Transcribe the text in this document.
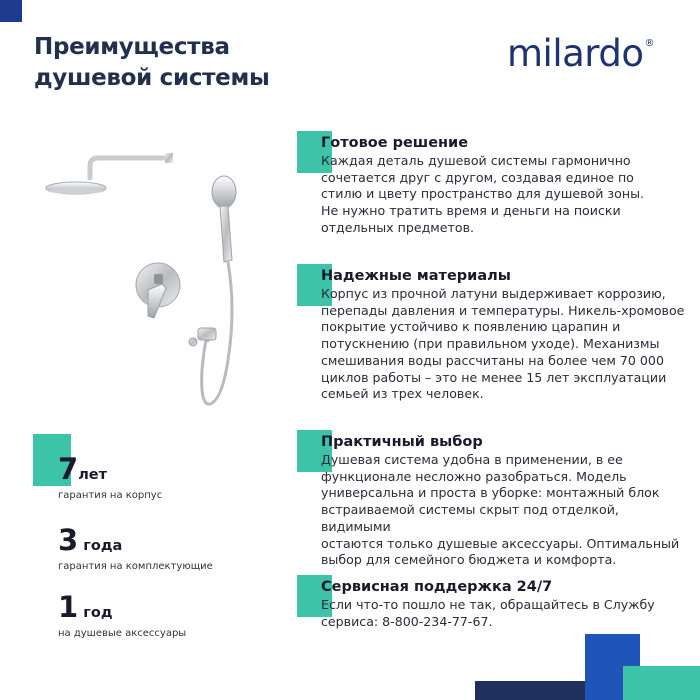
Преимущества
душевой системы
milardo®
Готовое решение

Каждая деталь душевой системы гармонично
сочетается друг с другом, создавая единое по
стилю и цвету пространство для душевой зоны.
Не нужно тратить время и деньги на поиски
отдельных предметов.

Надежные материалы

Корпус из прочной латуни выдерживает коррозию,
перепады давления и температуры. Никель-хромовое
покрытие устойчиво к появлению царапин и
потускнению (при правильном уходе). Механизмы
смешивания воды рассчитаны на более чем 70 000
циклов работы – это не менее 15 лет эксплуатации
семьей из трех человек.

Практичный выбор

Душевая система удобна в применении, в ее
функционале несложно разобраться. Модель
универсальна и проста в уборке: монтажный блок
встраиваемой системы скрыт под отделкой, видимыми
остаются только душевые аксессуары. Оптимальный
выбор для семейного бюджета и комфорта.

Сервисная поддержка 24/7

Если что-то пошло не так, обращайтесь в Службу
сервиса: 8-800-234-77-67.

7лет
гарантия на корпус
3 года
гарантия на комплектующие
1 год
на душевые аксессуары
